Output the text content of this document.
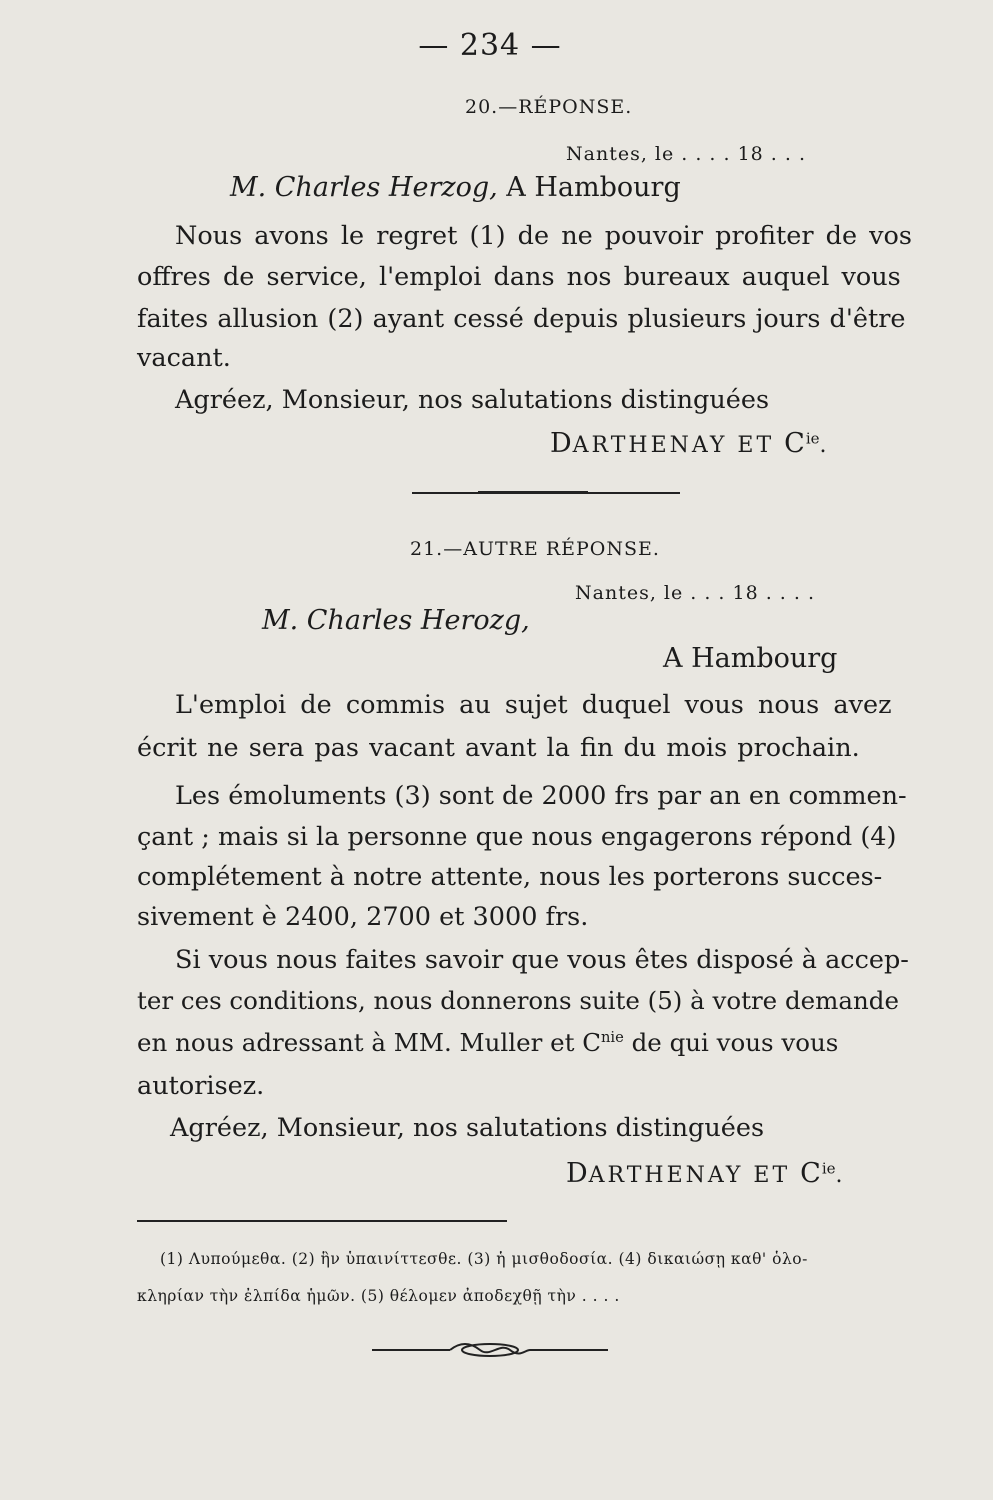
— 234 —
20.—RÉPONSE.
Nantes, le . . . . 18 . . .
M. Charles Herzog, A Hambourg
Nous avons le regret (1) de ne pouvoir profiter de vos
offres de service, l'emploi dans nos bureaux auquel vous
faites allusion (2) ayant cessé depuis plusieurs jours d'être
vacant.
Agréez, Monsieur, nos salutations distinguées
DARTHENAY ET $C^{ie}$.
21.—AUTRE RÉPONSE.
Nantes, le . . . 18 . . . .
M. Charles Herozg,
A Hambourg
L'emploi de commis au sujet duquel vous nous avez
écrit ne sera pas vacant avant la fin du mois prochain.
Les émoluments (3) sont de 2000 frs par an en commen-
çant ; mais si la personne que nous engagerons répond (4)
complétement à notre attente, nous les porterons succes-
sivement è 2400, 2700 et 3000 frs.
Si vous nous faites savoir que vous êtes disposé à accep-
ter ces conditions, nous donnerons suite (5) à votre demande
en nous adressant à MM. Muller et $C^{nie}$ de qui vous vous
autorisez.
Agréez, Monsieur, nos salutations distinguées
DARTHENAY ET $C^{ie}$.
(1) Λυπούμεθα. (2) ἣν ὑπαινίττεσθε. (3) ἡ μισθοδοσία. (4) δικαιώσῃ καθ' ὁλο-
κληρίαν τὴν ἐλπίδα ἡμῶν. (5) θέλομεν ἀποδεχθῇ τὴν . . . .
